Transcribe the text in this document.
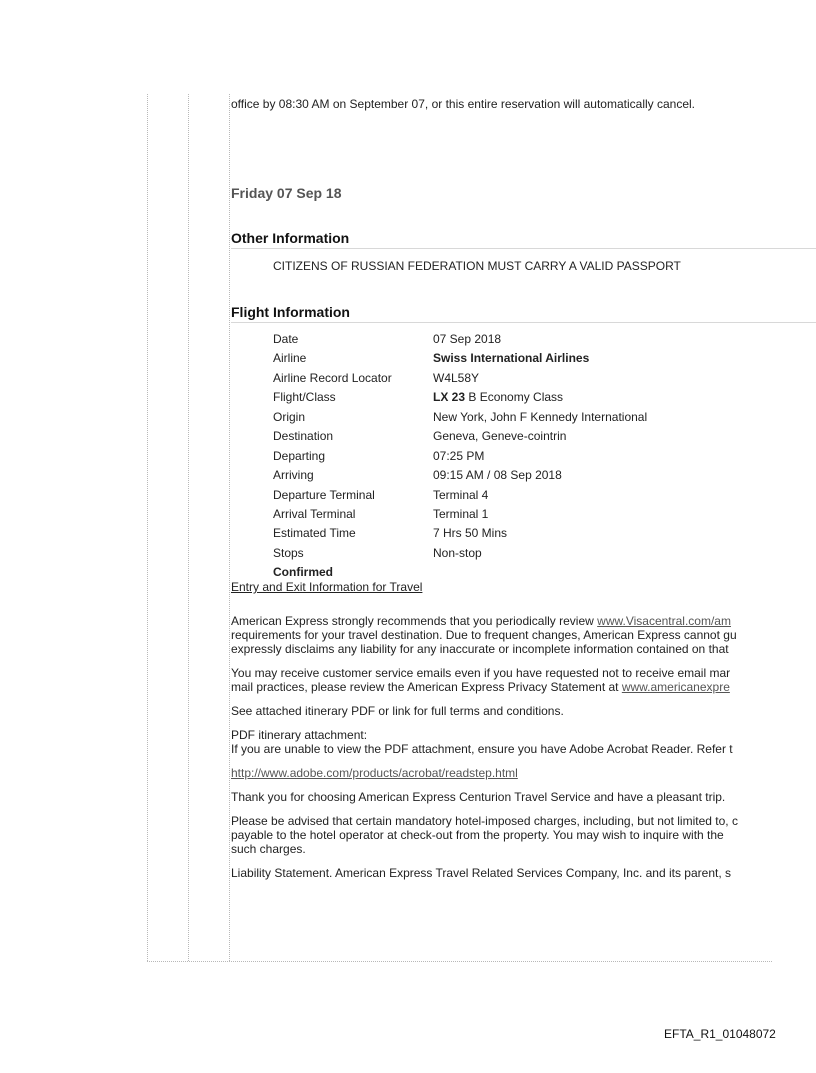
office by 08:30 AM on September 07, or this entire reservation will automatically cancel.
Friday 07 Sep 18
Other Information
CITIZENS OF RUSSIAN FEDERATION MUST CARRY A VALID PASSPORT
Flight Information
Date	07 Sep 2018
Airline	Swiss International Airlines
Airline Record Locator	W4L58Y
Flight/Class	LX 23 B Economy Class
Origin	New York, John F Kennedy International
Destination	Geneva, Geneve-cointrin
Departing	07:25 PM
Arriving	09:15 AM / 08 Sep 2018
Departure Terminal	Terminal 4
Arrival Terminal	Terminal 1
Estimated Time	7 Hrs 50 Mins
Stops	Non-stop
Confirmed
Entry and Exit Information for Travel
American Express strongly recommends that you periodically review www.Visacentral.com/am
requirements for your travel destination. Due to frequent changes, American Express cannot gu
expressly disclaims any liability for any inaccurate or incomplete information contained on that
You may receive customer service emails even if you have requested not to receive email mar
mail practices, please review the American Express Privacy Statement at www.americanexpre
See attached itinerary PDF or link for full terms and conditions.
PDF itinerary attachment:
If you are unable to view the PDF attachment, ensure you have Adobe Acrobat Reader. Refer t
http://www.adobe.com/products/acrobat/readstep.html
Thank you for choosing American Express Centurion Travel Service and have a pleasant trip.
Please be advised that certain mandatory hotel-imposed charges, including, but not limited to, c
payable to the hotel operator at check-out from the property. You may wish to inquire with the
such charges.
Liability Statement. American Express Travel Related Services Company, Inc. and its parent, s
EFTA_R1_01048072
